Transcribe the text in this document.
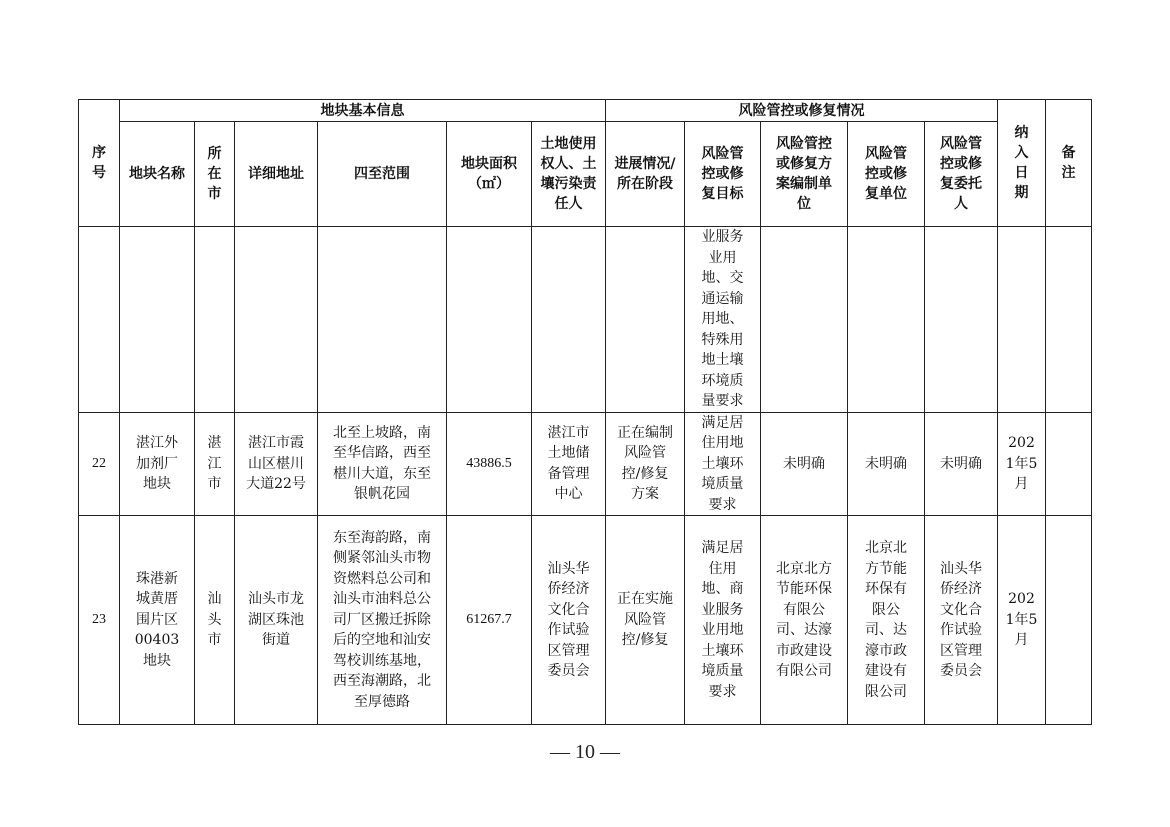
序号	地块基本信息						风险管控或修复情况					纳入日期	备注

	地块名称	所在市	详细地址	四至范围	地块面积（㎡）	土地使用权人、土壤污染责任人	进展情况/所在阶段	风险管控或修复目标	风险管控或修复方案编制单位	风险管控或修复单位	风险管控或修复委托人		

								业服务业用地、交通运输用地、特殊用地土壤环境质量要求					

22	湛江外加剂厂地块	湛江市	湛江市霞山区椹川大道22号	北至上坡路，南至华信路，西至椹川大道，东至银帆花园	43886.5	湛江市土地储备管理中心	正在编制风险管控/修复方案	满足居住用地土壤环境质量要求	未明确	未明确	未明确	2021年5月	

23	珠港新城黄厝围片区00403地块	汕头市	汕头市龙湖区珠池街道	东至海韵路，南侧紧邻汕头市物资燃料总公司和汕头市油料总公司厂区搬迁拆除后的空地和汕安驾校训练基地，西至海潮路，北至厚德路	61267.7	汕头华侨经济文化合作试验区管理委员会	正在实施风险管控/修复	满足居住用地、商业服务业用地土壤环境质量要求	北京北方节能环保有限公司、达濠市政建设有限公司	北京北方节能环保有限公司、达濠市政建设有限公司	汕头华侨经济文化合作试验区管理委员会	2021年5月	

— 10 —
